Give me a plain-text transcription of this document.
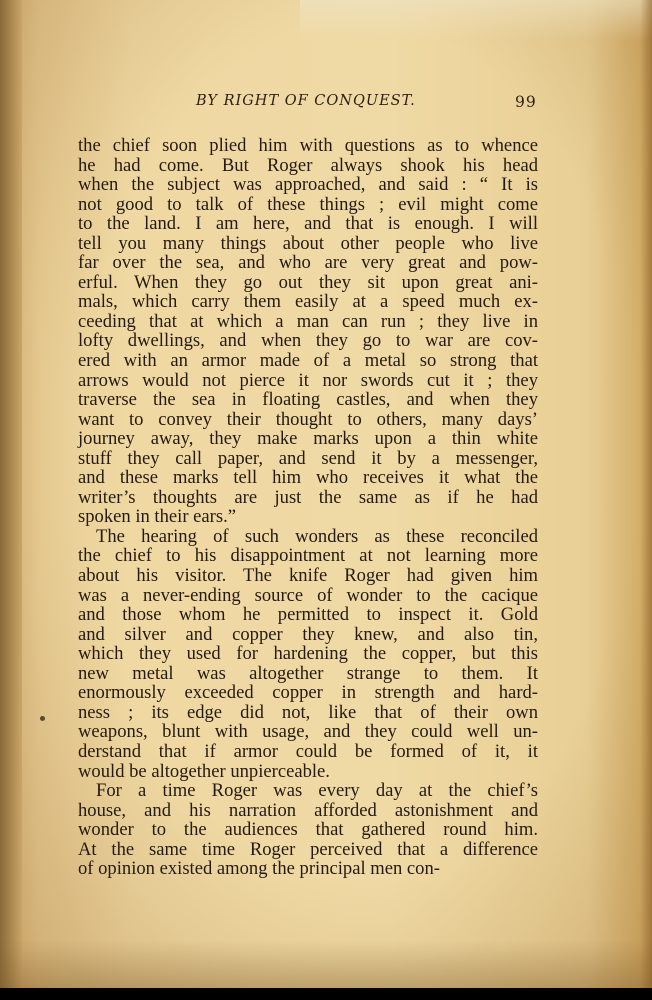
BY RIGHT OF CONQUEST.	99
the chief soon plied him with questions as to whence
he had come. But Roger always shook his head
when the subject was approached, and said : “ It is
not good to talk of these things ; evil might come
to the land. I am here, and that is enough. I will
tell you many things about other people who live
far over the sea, and who are very great and pow-
erful. When they go out they sit upon great ani-
mals, which carry them easily at a speed much ex-
ceeding that at which a man can run ; they live in
lofty dwellings, and when they go to war are cov-
ered with an armor made of a metal so strong that
arrows would not pierce it nor swords cut it ; they
traverse the sea in floating castles, and when they
want to convey their thought to others, many days’
journey away, they make marks upon a thin white
stuff they call paper, and send it by a messenger,
and these marks tell him who receives it what the
writer’s thoughts are just the same as if he had
spoken in their ears.”
The hearing of such wonders as these reconciled
the chief to his disappointment at not learning more
about his visitor. The knife Roger had given him
was a never-ending source of wonder to the cacique
and those whom he permitted to inspect it. Gold
and silver and copper they knew, and also tin,
which they used for hardening the copper, but this
new metal was altogether strange to them. It
enormously exceeded copper in strength and hard-
ness ; its edge did not, like that of their own
weapons, blunt with usage, and they could well un-
derstand that if armor could be formed of it, it
would be altogether unpierceable.
For a time Roger was every day at the chief’s
house, and his narration afforded astonishment and
wonder to the audiences that gathered round him.
At the same time Roger perceived that a difference
of opinion existed among the principal men con-
